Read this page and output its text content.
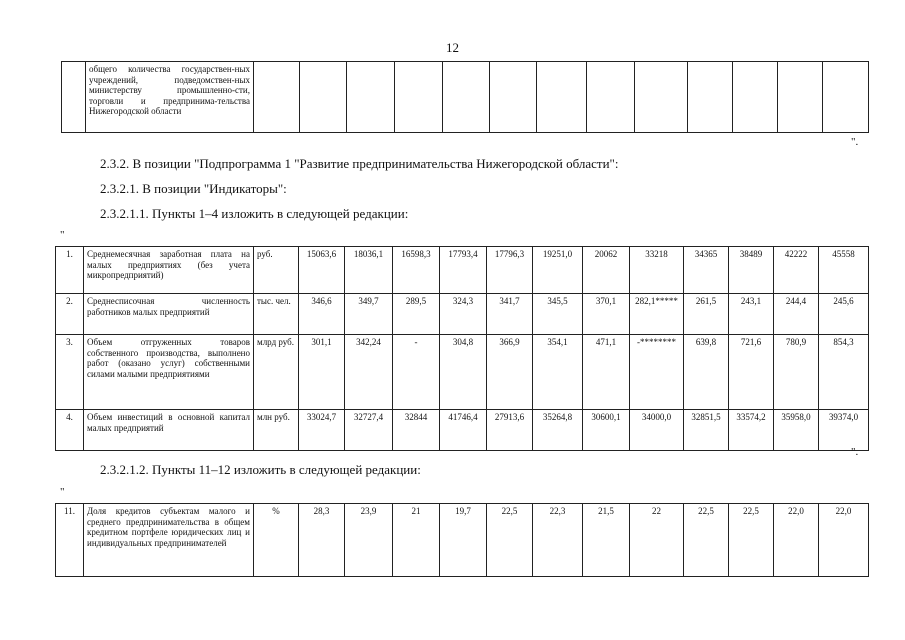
12
	общего количества государствен-ных учреждений, подведомствен-ных министерству промышленно-сти, торговли и предпринима-тельства Нижегородской области													
".
2.3.2. В позиции "Подпрограмма 1 "Развитие предпринимательства Нижегородской области":
2.3.2.1. В позиции "Индикаторы":
2.3.2.1.1. Пункты 1–4 изложить в следующей редакции:
"
1.	Среднемесячная заработная плата на малых предприятиях (без учета микропредприятий)	руб.	15063,6	18036,1	16598,3	17793,4	17796,3	19251,0	20062	33218	34365	38489	42222	45558
2.	Среднесписочная численность работников малых предприятий	тыс. чел.	346,6	349,7	289,5	324,3	341,7	345,5	370,1	282,1*****	261,5	243,1	244,4	245,6
3.	Объем отгруженных товаров собственного производства, выполнено работ (оказано услуг) собственными силами малыми предприятиями	млрд руб.	301,1	342,24	-	304,8	366,9	354,1	471,1	-********	639,8	721,6	780,9	854,3
4.	Объем инвестиций в основной капитал малых предприятий	млн руб.	33024,7	32727,4	32844	41746,4	27913,6	35264,8	30600,1	34000,0	32851,5	33574,2	35958,0	39374,0
".
2.3.2.1.2. Пункты 11–12 изложить в следующей редакции:
"
11.	Доля кредитов субъектам малого и среднего предпринимательства в общем кредитном портфеле юридических лиц и индивидуальных предпринимателей	%	28,3	23,9	21	19,7	22,5	22,3	21,5	22	22,5	22,5	22,0	22,0
